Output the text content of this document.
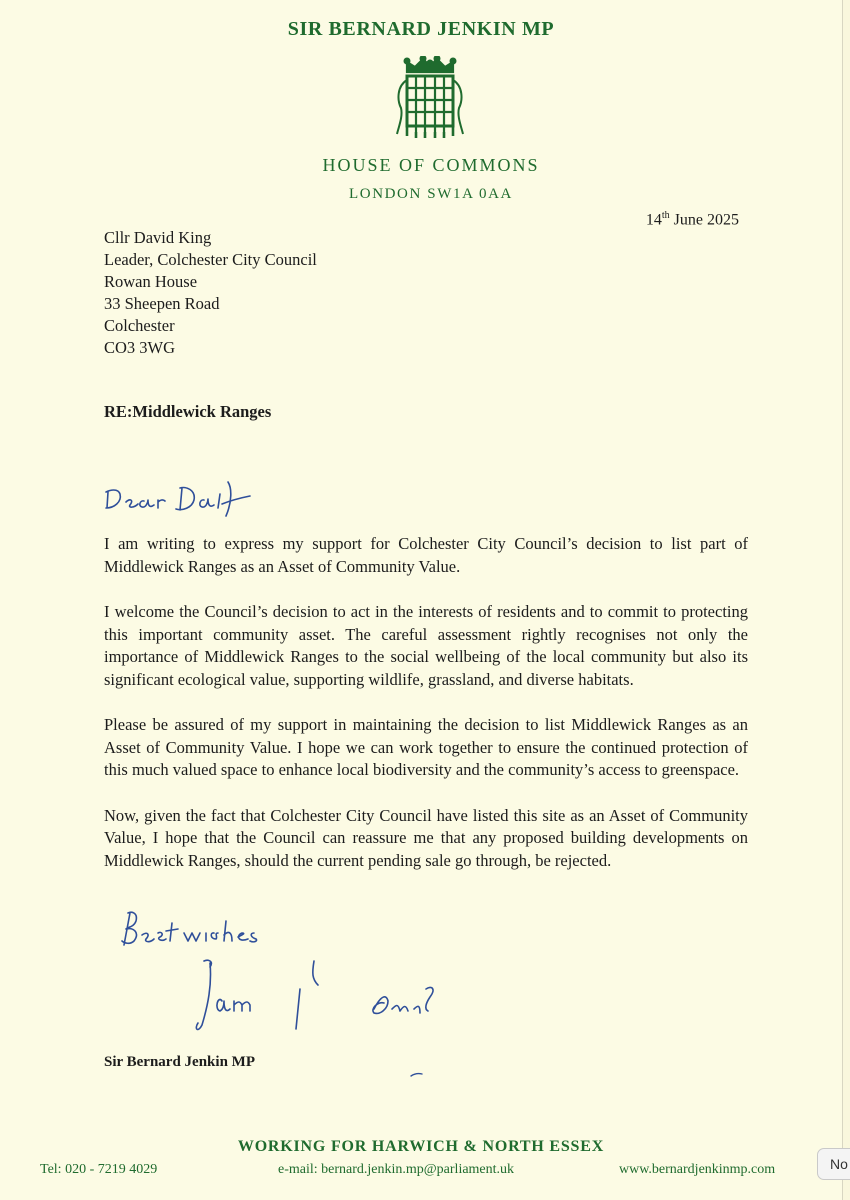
SIR BERNARD JENKIN MP
HOUSE OF COMMONS
LONDON SW1A 0AA
14th June 2025
Cllr David King
Leader, Colchester City Council
Rowan House
33 Sheepen Road
Colchester
CO3 3WG
RE:Middlewick Ranges

I am writing to express my support for Colchester City Council’s decision to list part of Middlewick Ranges as an Asset of Community Value.

I welcome the Council’s decision to act in the interests of residents and to commit to protecting this important community asset. The careful assessment rightly recognises not only the importance of Middlewick Ranges to the social wellbeing of the local community but also its significant ecological value, supporting wildlife, grassland, and diverse habitats.

Please be assured of my support in maintaining the decision to list Middlewick Ranges as an Asset of Community Value. I hope we can work together to ensure the continued protection of this much valued space to enhance local biodiversity and the community’s access to greenspace.

Now, given the fact that Colchester City Council have listed this site as an Asset of Community Value, I hope that the Council can reassure me that any proposed building developments on Middlewick Ranges, should the current pending sale go through, be rejected.

Sir Bernard Jenkin MP
WORKING FOR HARWICH & NORTH ESSEX
Tel: 020 - 7219 4029	e-mail: bernard.jenkin.mp@parliament.uk	www.bernardjenkinmp.com	No
